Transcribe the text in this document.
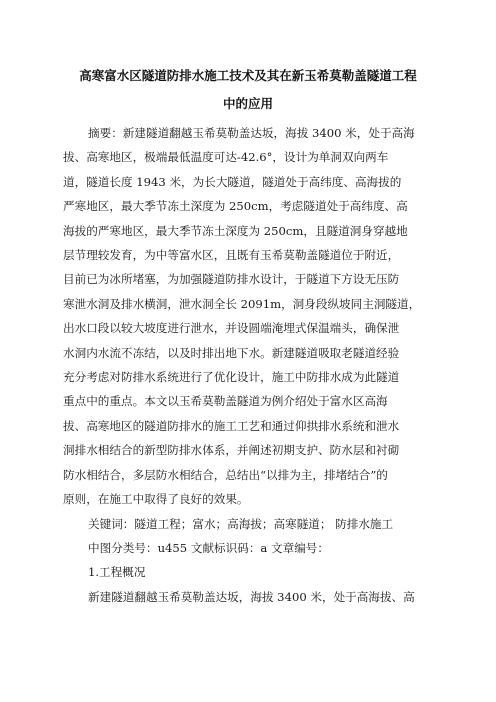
高寒富水区隧道防排水施工技术及其在新玉希莫勒盖隧道工程
中的应用
摘要：新建隧道翻越玉希莫勒盖达坂，海拔 3400 米，处于高海
拔、高寒地区，极端最低温度可达-42.6°，设计为单洞双向两车
道，隧道长度 1943 米，为长大隧道，隧道处于高纬度、高海拔的
严寒地区，最大季节冻土深度为 250cm，考虑隧道处于高纬度、高
海拔的严寒地区，最大季节冻土深度为 250cm，且隧道洞身穿越地
层节理较发育，为中等富水区，且既有玉希莫勒盖隧道位于附近，
目前已为冰所堵塞，为加强隧道防排水设计，于隧道下方设无压防
寒泄水洞及排水横洞，泄水洞全长 2091m，洞身段纵坡同主洞隧道，
出水口段以较大坡度进行泄水，并设圆端淹埋式保温端头，确保泄
水洞内水流不冻结，以及时排出地下水。新建隧道吸取老隧道经验
充分考虑对防排水系统进行了优化设计，施工中防排水成为此隧道
重点中的重点。本文以玉希莫勒盖隧道为例介绍处于富水区高海
拔、高寒地区的隧道防排水的施工工艺和通过仰拱排水系统和泄水
洞排水相结合的新型防排水体系，并阐述初期支护、防水层和衬砌
防水相结合，多层防水相结合，总结出“以排为主，排堵结合”的
原则，在施工中取得了良好的效果。
关键词：隧道工程；富水；高海拔；高寒隧道； 防排水施工
中图分类号：u455 文献标识码：a 文章编号：
1.工程概况
新建隧道翻越玉希莫勒盖达坂，海拔 3400 米，处于高海拔、高
